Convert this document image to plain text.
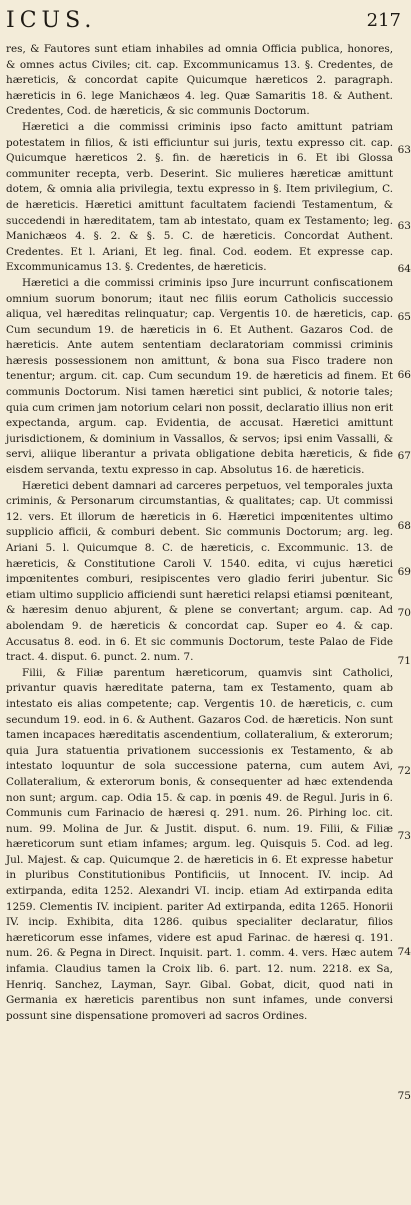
ICUS.	217

res, & Fautores sunt etiam inhabiles ad omnia Officia publica, honores, & omnes actus Civiles; cit. cap. Excommunicamus 13. §. Credentes, de hæreticis, & concordat capite Quicumque hæreticos 2. paragraph. hæreticis in 6. lege Manichæos 4. leg. Quæ Samaritis 18. & Authent. Credentes, Cod. de hæreticis, & sic communis Doctorum.

Hæretici a die commissi criminis ipso facto amittunt patriam potestatem in filios, & isti efficiuntur sui juris, textu expresso cit. cap. Quicumque hæreticos 2. §. fin. de hæreticis in 6. Et ibi Glossa communiter recepta, verb. Deserint. Sic mulieres hæreticæ amittunt dotem, & omnia alia privilegia, textu expresso in §. Item privilegium, C. de hæreticis. Hæretici amittunt facultatem faciendi Testamentum, & succedendi in hæreditatem, tam ab intestato, quam ex Testamento; leg. Manichæos 4. §. 2. & §. 5. C. de hæreticis. Concordat Authent. Credentes. Et l. Ariani, Et leg. final. Cod. eodem. Et expresse cap. Excommunicamus 13. §. Credentes, de hæreticis.

Hæretici a die commissi criminis ipso Jure incurrunt confiscationem omnium suorum bonorum; itaut nec filiis eorum Catholicis successio aliqua, vel hæreditas relinquatur; cap. Vergentis 10. de hæreticis, cap. Cum secundum 19. de hæreticis in 6. Et Authent. Gazaros Cod. de hæreticis. Ante autem sententiam declaratoriam commissi criminis hæresis possessionem non amittunt, & bona sua Fisco tradere non tenentur; argum. cit. cap. Cum secundum 19. de hæreticis ad finem. Et communis Doctorum. Nisi tamen hæretici sint publici, & notorie tales; quia cum crimen jam notorium celari non possit, declaratio illius non erit expectanda, argum. cap. Evidentia, de accusat. Hæretici amittunt jurisdictionem, & dominium in Vassallos, & servos; ipsi enim Vassalli, & servi, aliique liberantur a privata obligatione debita hæreticis, & fide eisdem servanda, textu expresso in cap. Absolutus 16. de hæreticis.

Hæretici debent damnari ad carceres perpetuos, vel temporales juxta criminis, & Personarum circumstantias, & qualitates; cap. Ut commissi 12. vers. Et illorum de hæreticis in 6. Hæretici impœnitentes ultimo supplicio afficii, & comburi debent. Sic communis Doctorum; arg. leg. Ariani 5. l. Quicumque 8. C. de hæreticis, c. Excommunic. 13. de hæreticis, & Constitutione Caroli V. 1540. edita, vi cujus hæretici impœnitentes comburi, resipiscentes vero gladio feriri jubentur. Sic etiam ultimo supplicio afficiendi sunt hæretici relapsi etiamsi pœniteant, & hæresim denuo abjurent, & plene se convertant; argum. cap. Ad abolendam 9. de hæreticis & concordat cap. Super eo 4. & cap. Accusatus 8. eod. in 6. Et sic communis Doctorum, teste Palao de Fide tract. 4. disput. 6. punct. 2. num. 7.

Filii, & Filiæ parentum hæreticorum, quamvis sint Catholici, privantur quavis hæreditate paterna, tam ex Testamento, quam ab intestato eis alias competente; cap. Vergentis 10. de hæreticis, c. cum secundum 19. eod. in 6. & Authent. Gazaros Cod. de hæreticis. Non sunt tamen incapaces hæreditatis ascendentium, collateralium, & exterorum; quia Jura statuentia privationem successionis ex Testamento, & ab intestato loquuntur de sola successione paterna, cum autem Avi, Collateralium, & exterorum bonis, & consequenter ad hæc extendenda non sunt; argum. cap. Odia 15. & cap. in pœnis 49. de Regul. Juris in 6. Communis cum Farinacio de hæresi q. 291. num. 26. Pirhing loc. cit. num. 99. Molina de Jur. & Justit. disput. 6. num. 19. Filii, & Filiæ hæreticorum sunt etiam infames; argum. leg. Quisquis 5. Cod. ad leg. Jul. Majest. & cap. Quicumque 2. de hæreticis in 6. Et expresse habetur in pluribus Constitutionibus Pontificiis, ut Innocent. IV. incip. Ad extirpanda, edita 1252. Alexandri VI. incip. etiam Ad extirpanda edita 1259. Clementis IV. incipient. pariter Ad extirpanda, edita 1265. Honorii IV. incip. Exhibita, dita 1286. quibus specialiter declaratur, filios hæreticorum esse infames, videre est apud Farinac. de hæresi q. 191. num. 26. & Pegna in Direct. Inquisit. part. 1. comm. 4. vers. Hæc autem infamia. Claudius tamen la Croix lib. 6. part. 12. num. 2218. ex Sa, Henriq. Sanchez, Layman, Sayr. Gibal. Gobat, dicit, quod nati in Germania ex hæreticis parentibus non sunt infames, unde conversi possunt sine dispensatione promoveri ad sacros Ordines.

63
63
64
65
66
67
68
69
70
71
72
73
74
75
